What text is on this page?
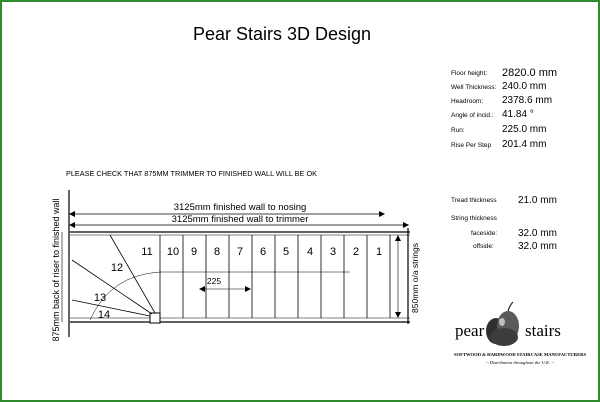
Pear Stairs 3D Design
Floor height: 2820.0 mm
Well Thickness: 240.0 mm
Headroom: 2378.6 mm
Angle of incid.: 41.84 °
Run:	225.0 mm
Rise Per Step 201.4 mm
Tread thickness 21.0 mm
String thickness
faceside: 32.0 mm
offside: 32.0 mm
PLEASE CHECK THAT 875MM TRIMMER TO FINISHED WALL WILL BE OK
3125mm finished wall to nosing
3125mm finished wall to trimmer
225
11 10 9 8 7 6 5 4 3 2 1
12
13
14
875mm back of riser to finished wall	850mm o/a strings
pear stairs
SOFTWOOD & HARDWOOD STAIRCASE MANUFACTURERS
~ Distribution throughout the U.K. ~
